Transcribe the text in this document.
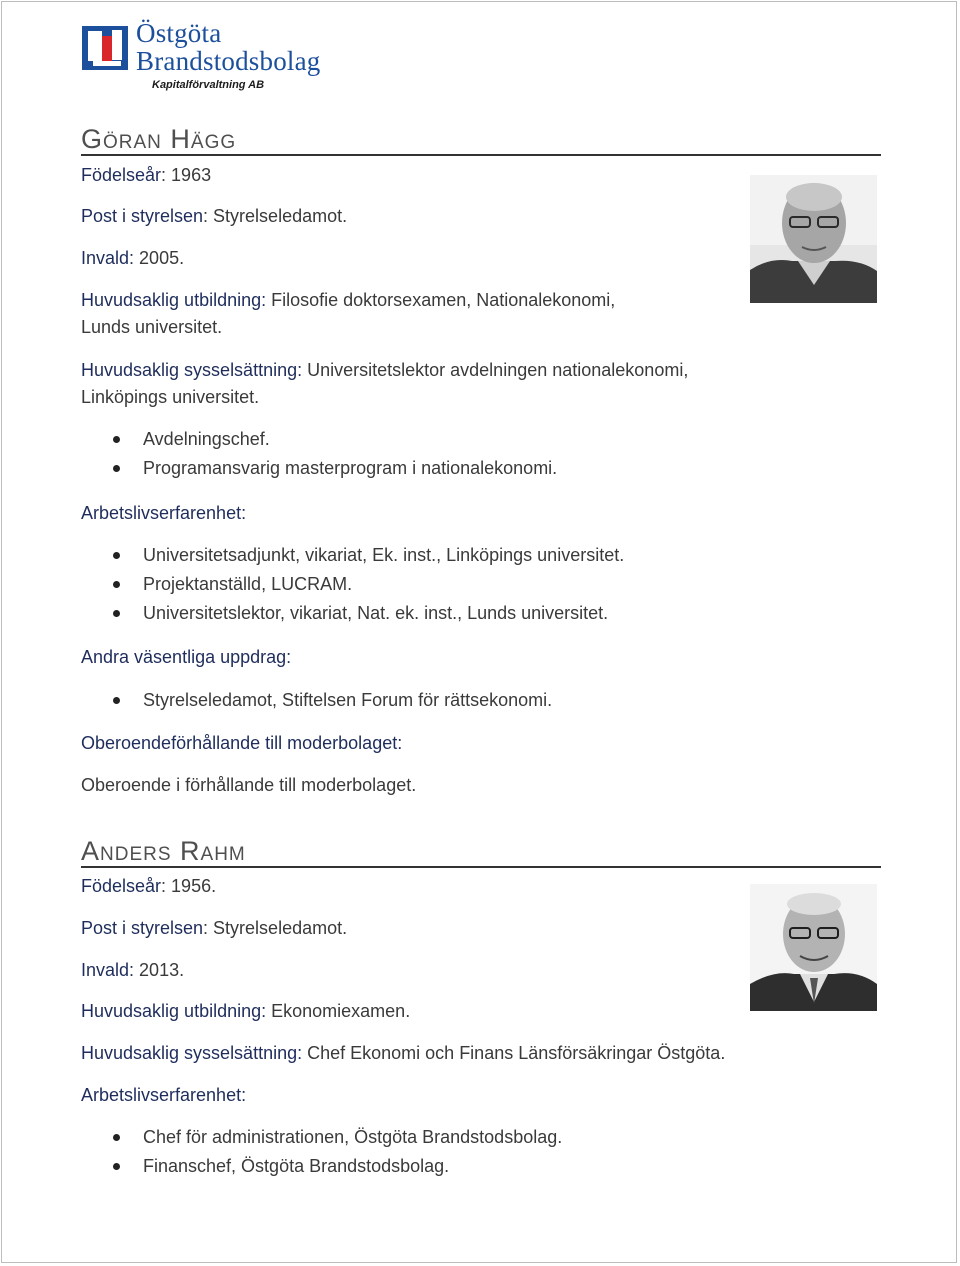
Östgöta
Brandstodsbolag
Kapitalförvaltning AB
Göran Hägg
Födelseår: 1963
Post i styrelsen: Styrelseledamot.
Invald: 2005.
Huvudsaklig utbildning: Filosofie doktorsexamen, Nationalekonomi,
Lunds universitet.
Huvudsaklig sysselsättning: Universitetslektor avdelningen nationalekonomi,
Linköpings universitet.
Avdelningschef.
Programansvarig masterprogram i nationalekonomi.
Arbetslivserfarenhet:
Universitetsadjunkt, vikariat, Ek. inst., Linköpings universitet.
Projektanställd, LUCRAM.
Universitetslektor, vikariat, Nat. ek. inst., Lunds universitet.
Andra väsentliga uppdrag:
Styrelseledamot, Stiftelsen Forum för rättsekonomi.
Oberoendeförhållande till moderbolaget:
Oberoende i förhållande till moderbolaget.
Anders Rahm
Födelseår: 1956.
Post i styrelsen: Styrelseledamot.
Invald: 2013.
Huvudsaklig utbildning: Ekonomiexamen.
Huvudsaklig sysselsättning: Chef Ekonomi och Finans Länsförsäkringar Östgöta.
Arbetslivserfarenhet:
Chef för administrationen, Östgöta Brandstodsbolag.
Finanschef, Östgöta Brandstodsbolag.
